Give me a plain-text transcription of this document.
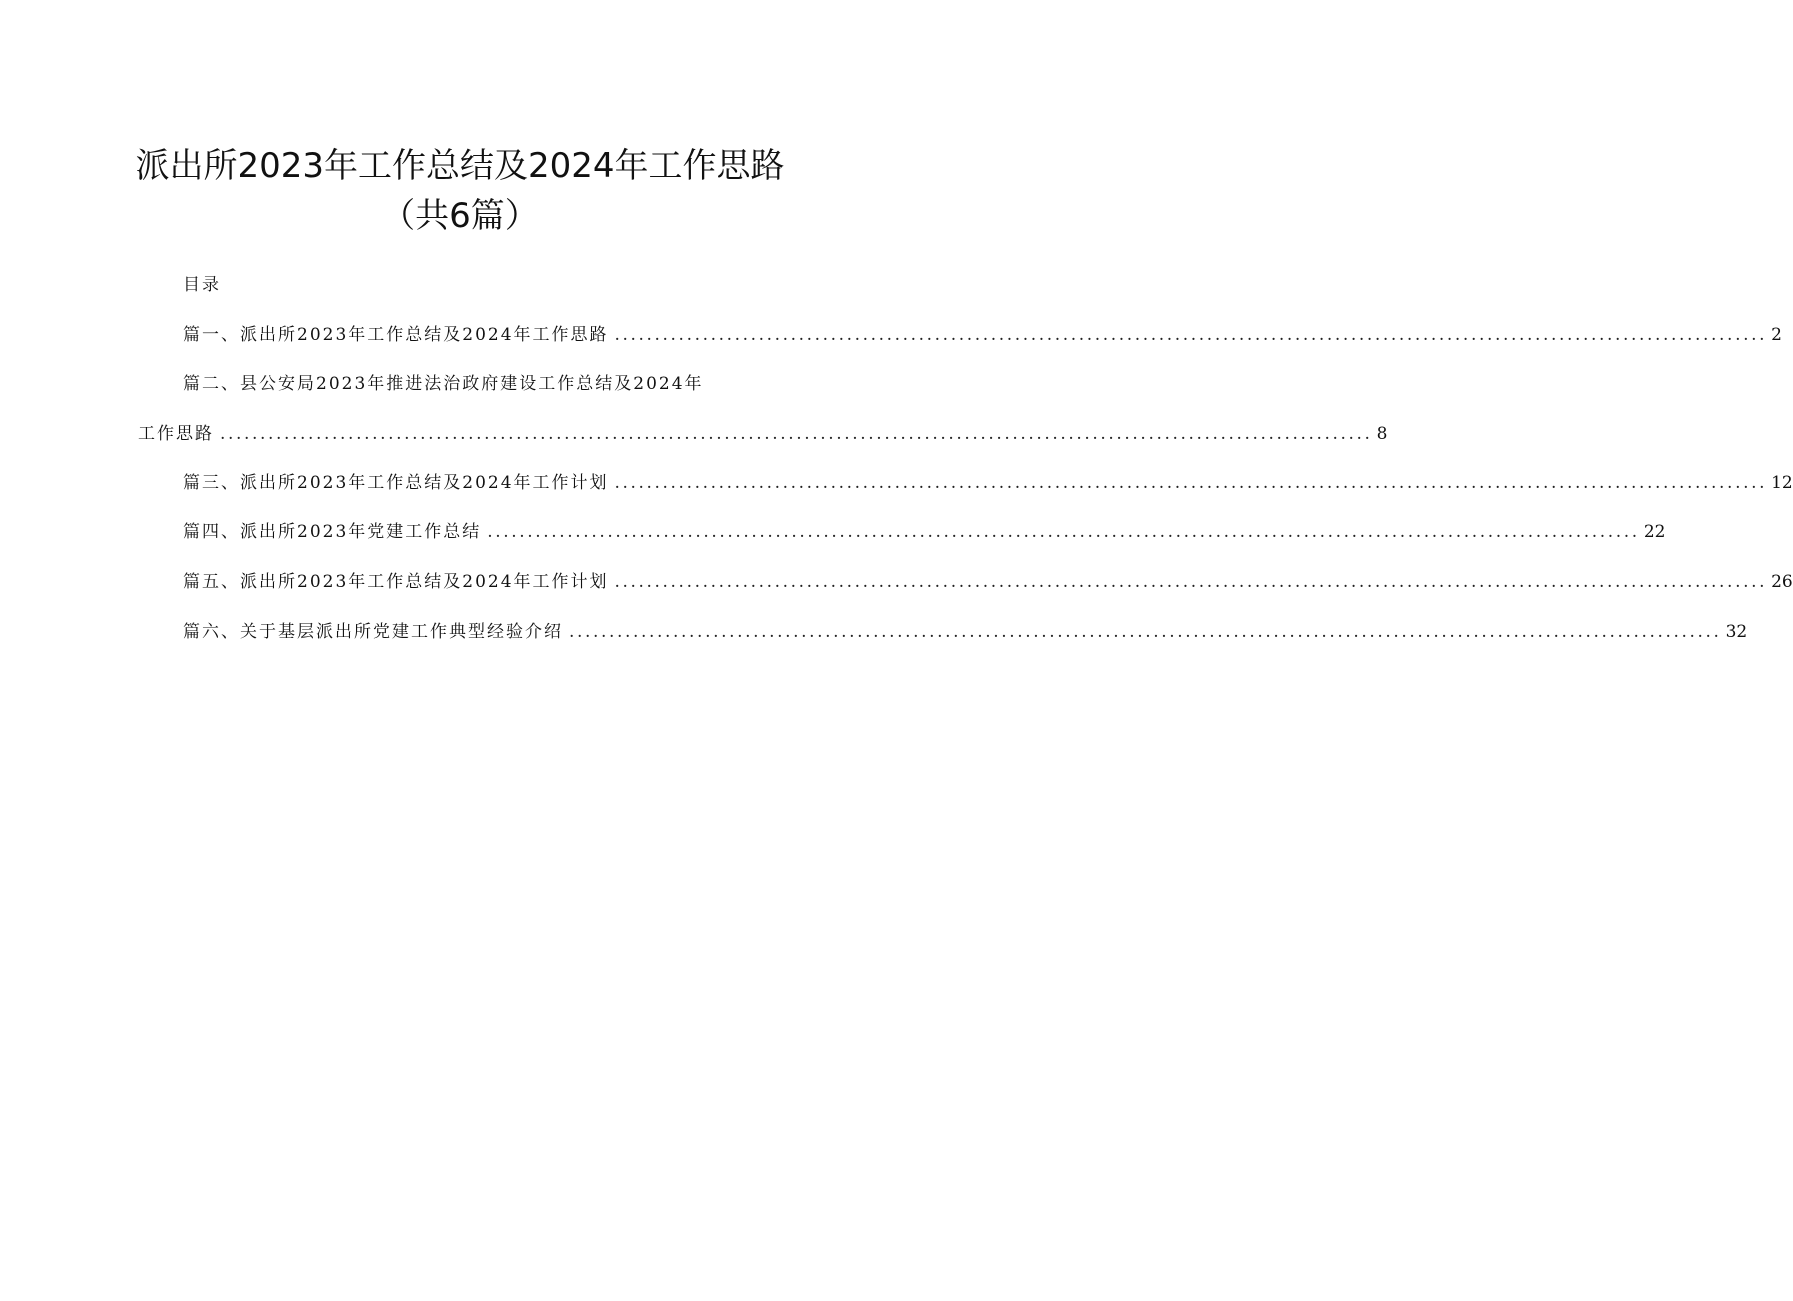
派出所2023年工作总结及2024年工作思路
（共6篇）
目录
篇一、派出所2023年工作总结及2024年工作思路 ................................................................................................................................................ 2
篇二、县公安局2023年推进法治政府建设工作总结及2024年
工作思路 ................................................................................................................................................ 8
篇三、派出所2023年工作总结及2024年工作计划 ................................................................................................................................................ 12
篇四、派出所2023年党建工作总结 ................................................................................................................................................ 22
篇五、派出所2023年工作总结及2024年工作计划 ................................................................................................................................................ 26
篇六、关于基层派出所党建工作典型经验介绍 ................................................................................................................................................ 32
